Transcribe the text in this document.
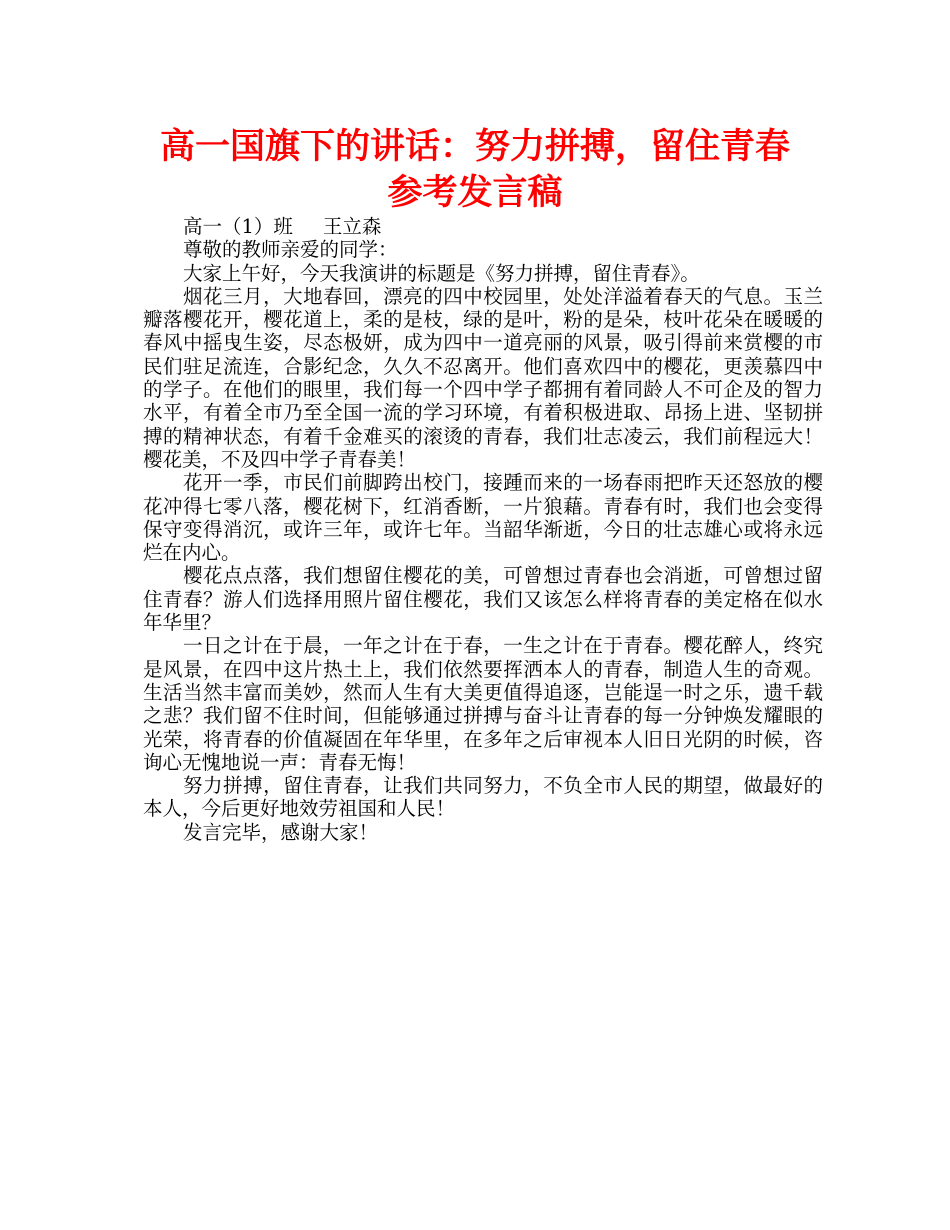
高一国旗下的讲话：努力拼搏，留住青春
参考发言稿

高一（1）班 王立森

尊敬的教师亲爱的同学：

大家上午好，今天我演讲的标题是《努力拼搏，留住青春》。

烟花三月，大地春回，漂亮的四中校园里，处处洋溢着春天的气息。玉兰瓣落樱花开，樱花道上，柔的是枝，绿的是叶，粉的是朵，枝叶花朵在暖暖的春风中摇曳生姿，尽态极妍，成为四中一道亮丽的风景，吸引得前来赏樱的市民们驻足流连，合影纪念，久久不忍离开。他们喜欢四中的樱花，更羡慕四中的学子。在他们的眼里，我们每一个四中学子都拥有着同龄人不可企及的智力水平，有着全市乃至全国一流的学习环境，有着积极进取、昂扬上进、坚韧拼搏的精神状态，有着千金难买的滚烫的青春，我们壮志凌云，我们前程远大！樱花美，不及四中学子青春美！

花开一季，市民们前脚跨出校门，接踵而来的一场春雨把昨天还怒放的樱花冲得七零八落，樱花树下，红消香断，一片狼藉。青春有时，我们也会变得保守变得消沉，或许三年，或许七年。当韶华渐逝，今日的壮志雄心或将永远烂在内心。

樱花点点落，我们想留住樱花的美，可曾想过青春也会消逝，可曾想过留住青春？游人们选择用照片留住樱花，我们又该怎么样将青春的美定格在似水年华里？

一日之计在于晨，一年之计在于春，一生之计在于青春。樱花醉人，终究是风景，在四中这片热土上，我们依然要挥洒本人的青春，制造人生的奇观。生活当然丰富而美妙，然而人生有大美更值得追逐，岂能逞一时之乐，遗千载之悲？我们留不住时间，但能够通过拼搏与奋斗让青春的每一分钟焕发耀眼的光荣，将青春的价值凝固在年华里，在多年之后审视本人旧日光阴的时候，咨询心无愧地说一声：青春无悔！

努力拼搏，留住青春，让我们共同努力，不负全市人民的期望，做最好的本人，今后更好地效劳祖国和人民！

发言完毕，感谢大家！
